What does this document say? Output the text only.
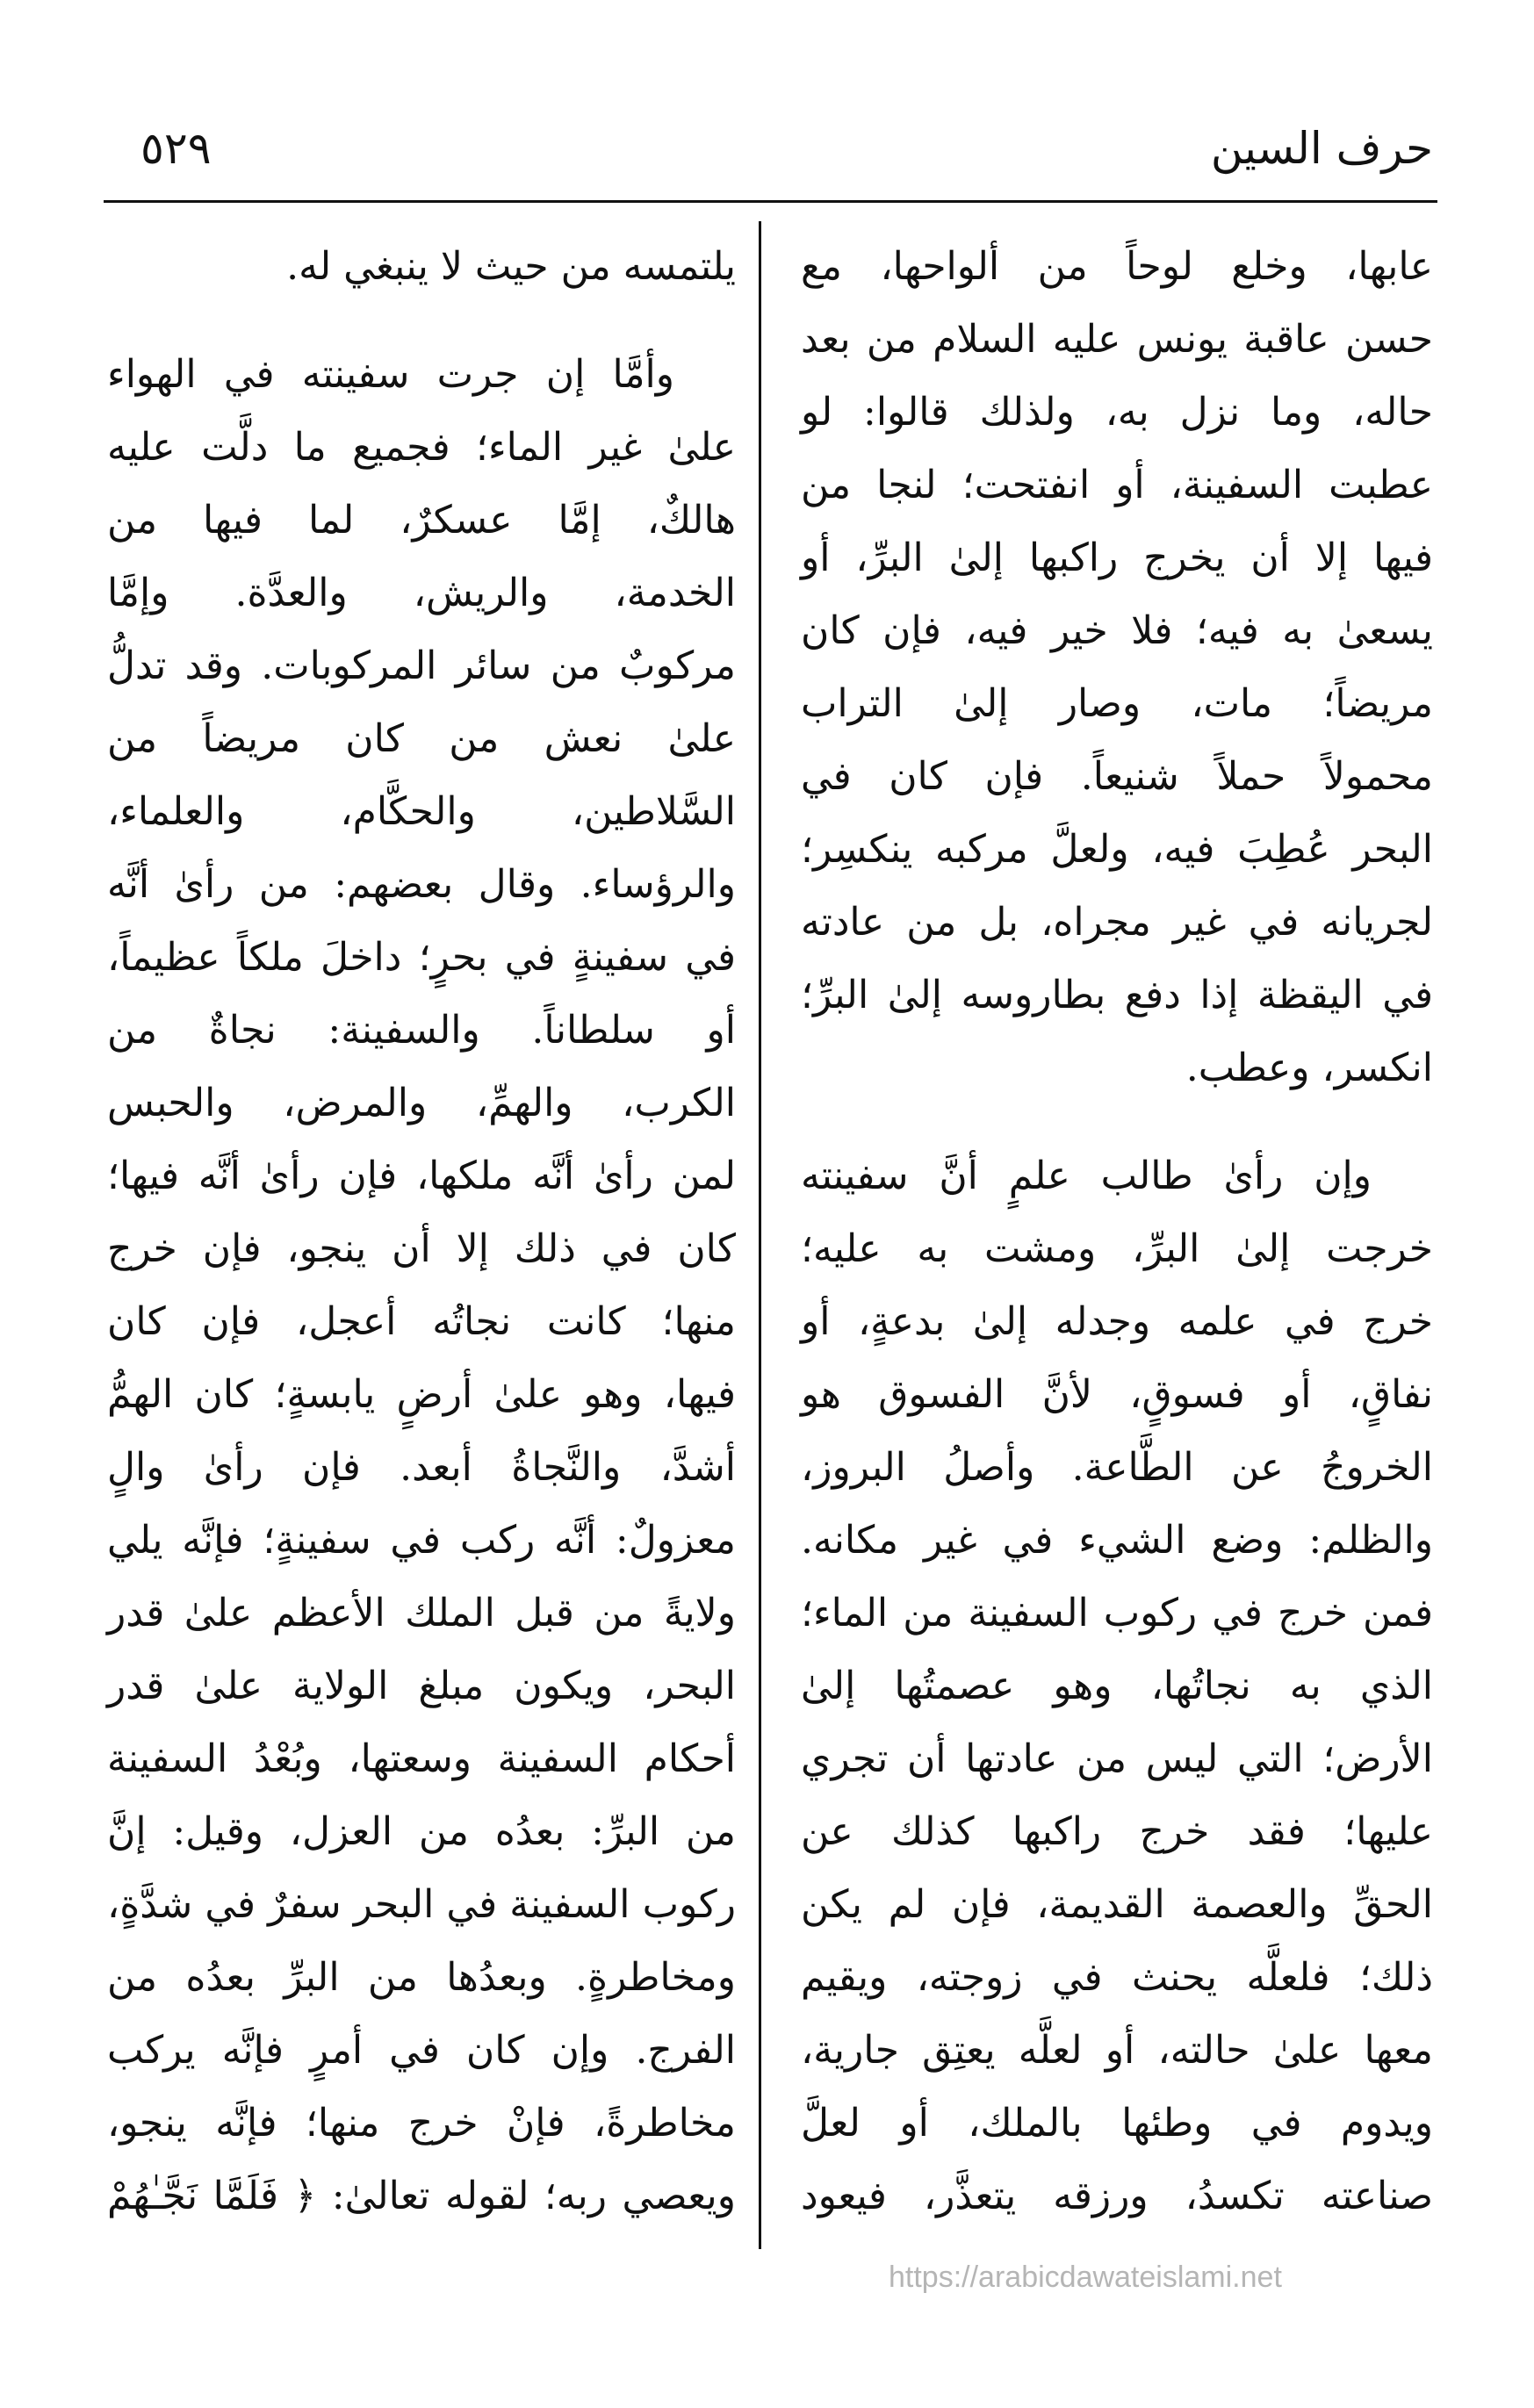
حرف السين
٥٢٩
عابها، وخلع لوحاً من ألواحها، مع
حسن عاقبة يونس عليه السلام من بعد
حاله، وما نزل به، ولذلك قالوا: لو
عطبت السفينة، أو انفتحت؛ لنجا من
فيها إلا أن يخرج راكبها إلىٰ البرِّ، أو
يسعىٰ به فيه؛ فلا خير فيه، فإن كان
مريضاً؛ مات، وصار إلىٰ التراب
محمولاً حملاً شنيعاً. فإن كان في
البحر عُطِبَ فيه، ولعلَّ مركبه ينكسِر؛
لجريانه في غير مجراه، بل من عادته
في اليقظة إذا دفع بطاروسه إلىٰ البرِّ؛
انكسر، وعطب.
وإن رأىٰ طالب علمٍ أنَّ سفينته
خرجت إلىٰ البرِّ، ومشت به عليه؛
خرج في علمه وجدله إلىٰ بدعةٍ، أو
نفاقٍ، أو فسوقٍ، لأنَّ الفسوق هو
الخروجُ عن الطَّاعة. وأصلُ البروز،
والظلم: وضع الشيء في غير مكانه.
فمن خرج في ركوب السفينة من الماء؛
الذي به نجاتُها، وهو عصمتُها إلىٰ
الأرض؛ التي ليس من عادتها أن تجري
عليها؛ فقد خرج راكبها كذلك عن
الحقِّ والعصمة القديمة، فإن لم يكن
ذلك؛ فلعلَّه يحنث في زوجته، ويقيم
معها علىٰ حالته، أو لعلَّه يعتِق جارية،
ويدوم في وطئها بالملك، أو لعلَّ
صناعته تكسدُ، ورزقه يتعذَّر، فيعود
يلتمسه من حيث لا ينبغي له.
وأمَّا إن جرت سفينته في الهواء
علىٰ غير الماء؛ فجميع ما دلَّت عليه
هالكٌ، إمَّا عسكرٌ، لما فيها من
الخدمة، والريش، والعدَّة. وإمَّا
مركوبٌ من سائر المركوبات. وقد تدلُّ
علىٰ نعش من كان مريضاً من
السَّلاطين، والحكَّام، والعلماء،
والرؤساء. وقال بعضهم: من رأىٰ أنَّه
في سفينةٍ في بحرٍ؛ داخلَ ملكاً عظيماً،
أو سلطاناً. والسفينة: نجاةٌ من
الكرب، والهمِّ، والمرض، والحبس
لمن رأىٰ أنَّه ملكها، فإن رأىٰ أنَّه فيها؛
كان في ذلك إلا أن ينجو، فإن خرج
منها؛ كانت نجاتُه أعجل، فإن كان
فيها، وهو علىٰ أرضٍ يابسةٍ؛ كان الهمُّ
أشدَّ، والنَّجاةُ أبعد. فإن رأىٰ والٍ
معزولٌ: أنَّه ركب في سفينةٍ؛ فإنَّه يلي
ولايةً من قبل الملك الأعظم علىٰ قدر
البحر، ويكون مبلغ الولاية علىٰ قدر
أحكام السفينة وسعتها، وبُعْدُ السفينة
من البرِّ: بعدُه من العزل، وقيل: إنَّ
ركوب السفينة في البحر سفرٌ في شدَّةٍ،
ومخاطرةٍ. وبعدُها من البرِّ بعدُه من
الفرج. وإن كان في أمرٍ فإنَّه يركب
مخاطرةً، فإنْ خرج منها؛ فإنَّه ينجو،
ويعصي ربه؛ لقوله تعالىٰ: ﴿ فَلَمَّا نَجَّـٰهُمْ
https://arabicdawateislami.net
